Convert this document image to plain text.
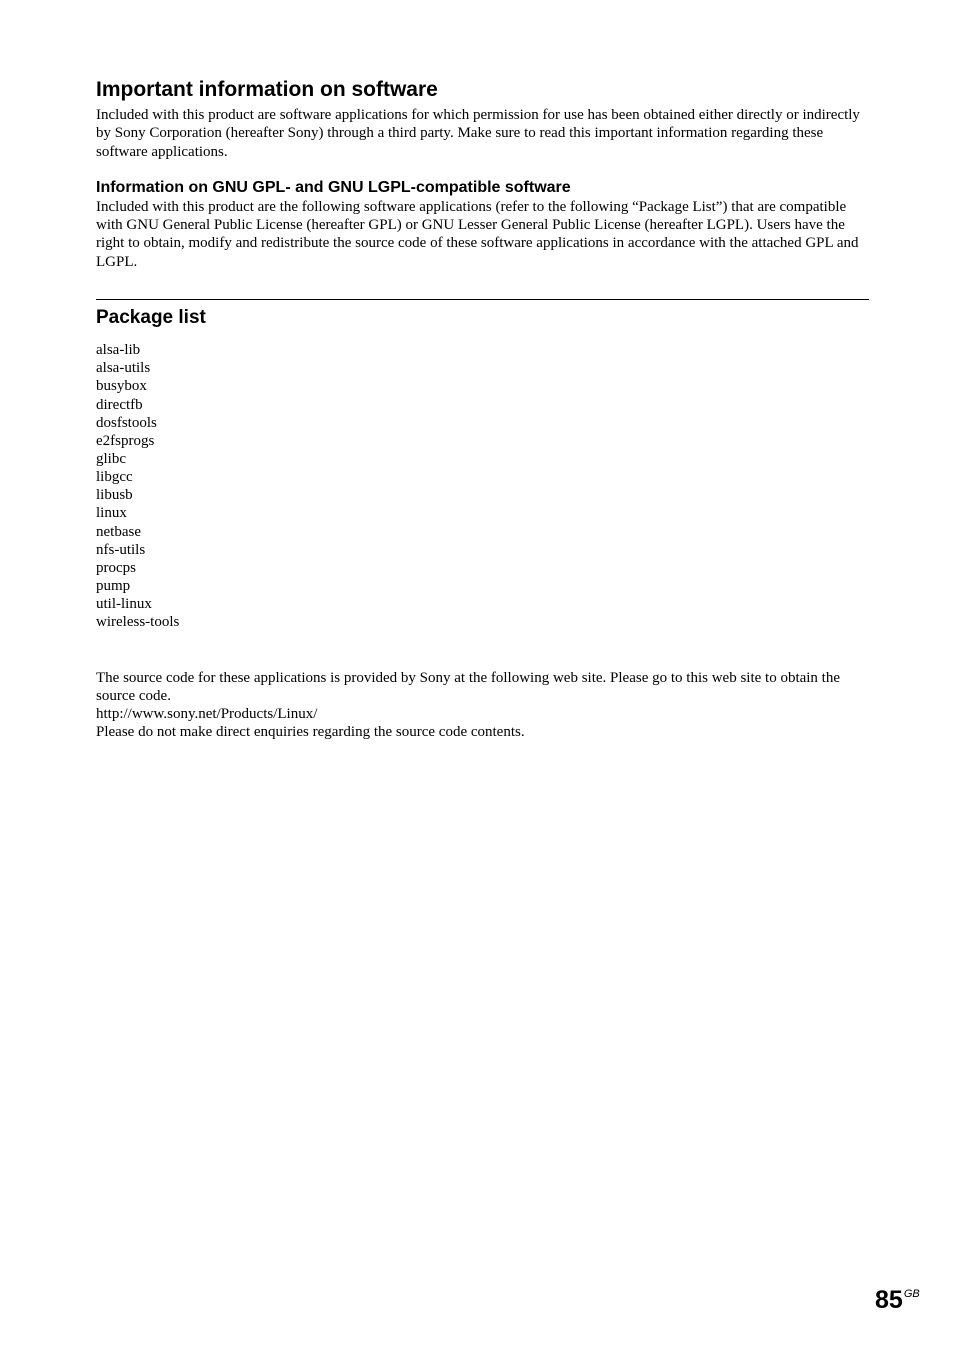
Important information on software

Included with this product are software applications for which permission for use has been obtained either directly or indirectly by Sony Corporation (hereafter Sony) through a third party. Make sure to read this important information regarding these software applications.

Information on GNU GPL- and GNU LGPL-compatible software

Included with this product are the following software applications (refer to the following “Package List”) that are compatible with GNU General Public License (hereafter GPL) or GNU Lesser General Public License (hereafter LGPL). Users have the right to obtain, modify and redistribute the source code of these software applications in accordance with the attached GPL and LGPL.

Package list
alsa-lib
alsa-utils
busybox
directfb
dosfstools
e2fsprogs
glibc
libgcc
libusb
linux
netbase
nfs-utils
procps
pump
util-linux
wireless-tools

The source code for these applications is provided by Sony at the following web site. Please go to this web site to obtain the source code.

http://www.sony.net/Products/Linux/

Please do not make direct enquiries regarding the source code contents.

$85^{GB}$
